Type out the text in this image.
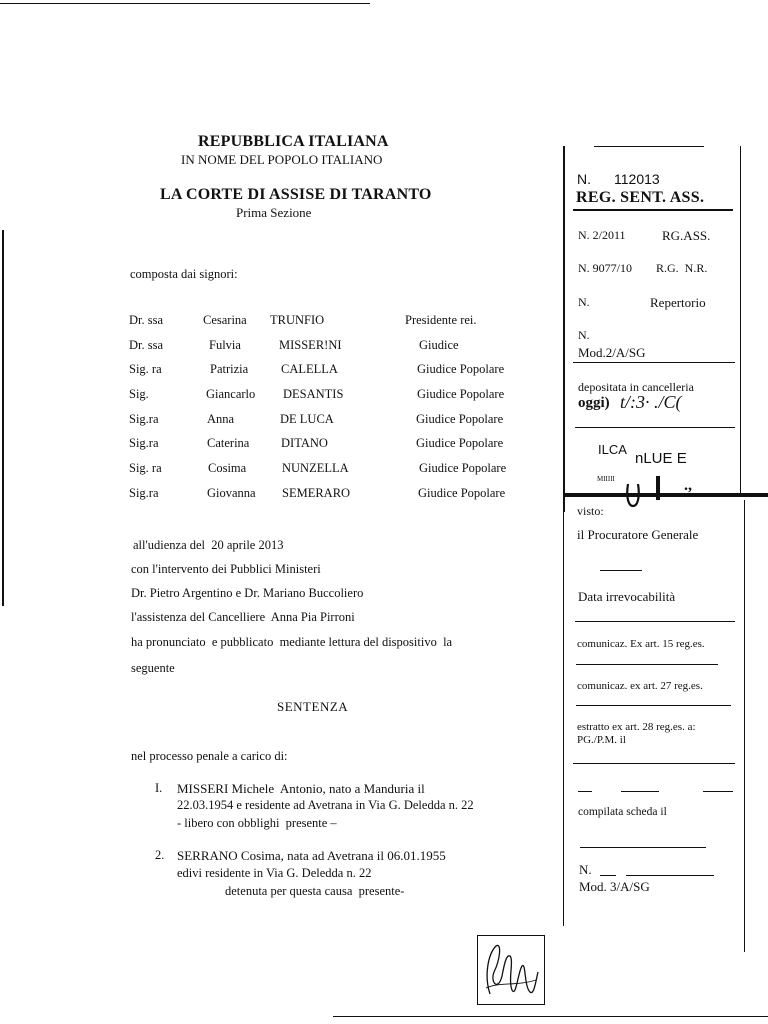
REPUBBLICA ITALIANA
IN NOME DEL POPOLO ITALIANO
LA CORTE DI ASSISE DI TARANTO
Prima Sezione
composta dai signori:
Dr. ssa	Cesarina TRUNFIO	Presidente rei.
Dr. ssa	Fulvia	MISSER!NI	Giudice
Sig. ra	Patrizia	CALELLA	Giudice Popolare
Sig.	Giancarlo DESANTIS	Giudice Popolare
Sig.ra	Anna	DE LUCA	Giudice Popolare
Sig.ra	Caterina	DITANO	Giudice Popolare
Sig. ra	Cosima	NUNZELLA	Giudice Popolare
Sig.ra	Giovanna SEMERARO	Giudice Popolare
all'udienza del  20 aprile 2013
con l'intervento dei Pubblici Ministeri
Dr. Pietro Argentino e Dr. Mariano Buccoliero
l'assistenza del Cancelliere  Anna Pia Pirroni
ha pronunciato  e pubblicato  mediante lettura del dispositivo  la
seguente
SENTENZA
nel processo penale a carico di:
I. MISSERI Michele  Antonio, nato a Manduria il
22.03.1954 e residente ad Avetrana in Via G. Deledda n. 22
- libero con obblighi  presente –
2. SERRANO Cosima, nata ad Avetrana il 06.01.1955
edivi residente in Via G. Deledda n. 22
detenuta per questa causa  presente-
N. 112013
REG. SENT. ASS.
N. 2/2011	RG.ASS.
N. 9077/10 R.G.  N.R.
N.	Repertorio
N.
Mod.2/A/SG
depositata in cancelleria
oggi) t/:3· ./C(
ILCA
nLUE E
MIIIII	.,
visto:
il Procuratore Generale
Data irrevocabilità
comunicaz. Ex art. 15 reg.es.
comunicaz. ex art. 27 reg.es.
estratto ex art. 28 reg.es. a:
PG./P.M. il
compilata scheda il
N.
Mod. 3/A/SG
